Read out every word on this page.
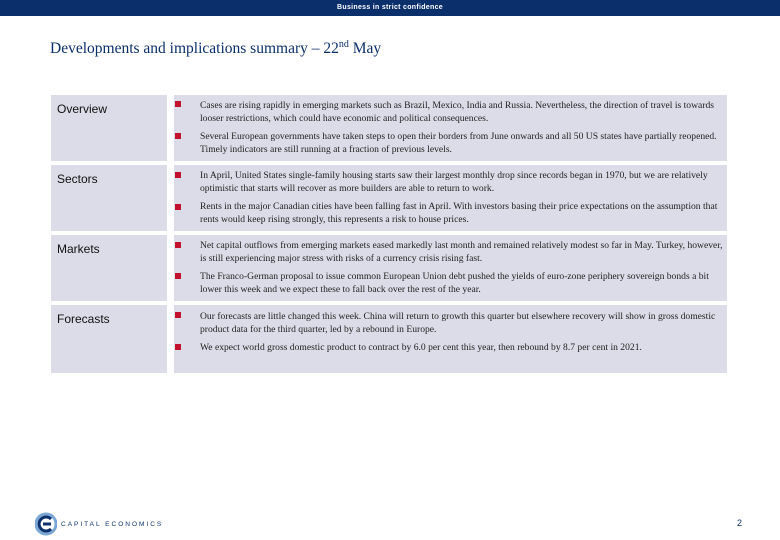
Business in strict confidence
Developments and implications summary – 22nd May
Overview	Cases are rising rapidly in emerging markets such as Brazil, Mexico, India and Russia. Nevertheless, the direction of travel is towards looser restrictions, which could have economic and political consequences.
Several European governments have taken steps to open their borders from June onwards and all 50 US states have partially reopened. Timely indicators are still running at a fraction of previous levels.
Sectors	In April, United States single-family housing starts saw their largest monthly drop since records began in 1970, but we are relatively optimistic that starts will recover as more builders are able to return to work.
Rents in the major Canadian cities have been falling fast in April. With investors basing their price expectations on the assumption that rents would keep rising strongly, this represents a risk to house prices.
Markets	Net capital outflows from emerging markets eased markedly last month and remained relatively modest so far in May. Turkey, however, is still experiencing major stress with risks of a currency crisis rising fast.
The Franco-German proposal to issue common European Union debt pushed the yields of euro-zone periphery sovereign bonds a bit lower this week and we expect these to fall back over the rest of the year.
Forecasts	Our forecasts are little changed this week. China will return to growth this quarter but elsewhere recovery will show in gross domestic product data for the third quarter, led by a rebound in Europe.
We expect world gross domestic product to contract by 6.0 per cent this year, then rebound by 8.7 per cent in 2021.
CAPITAL ECONOMICS	2
